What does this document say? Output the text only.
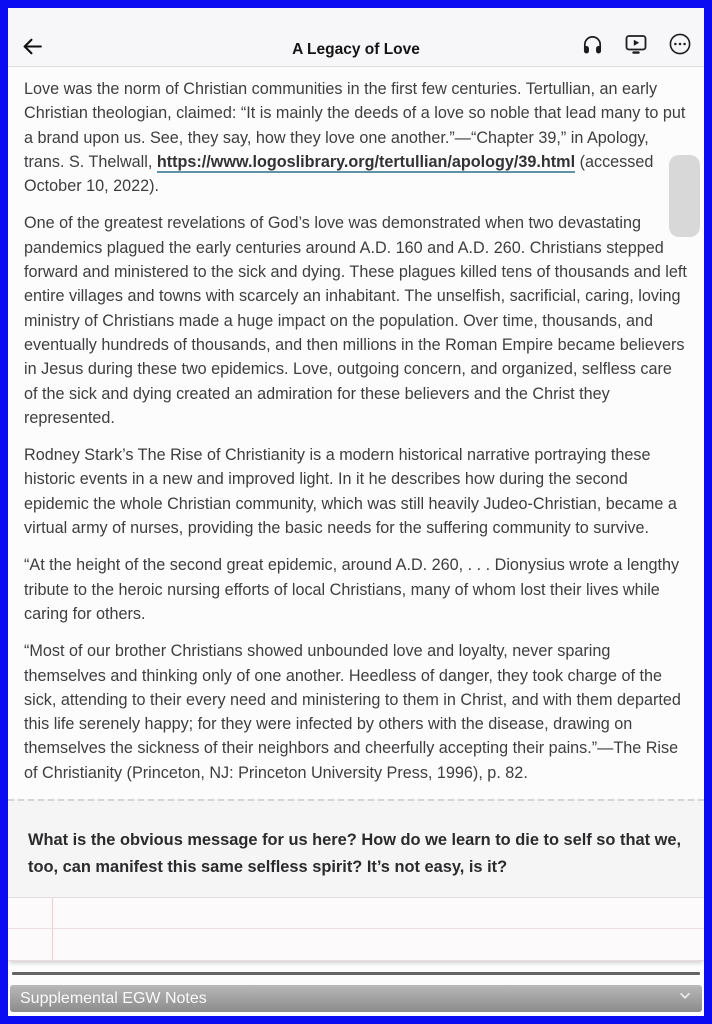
A Legacy of Love

Love was the norm of Christian communities in the first few centuries. Tertullian, an early Christian theologian, claimed: “It is mainly the deeds of a love so noble that lead many to put a brand upon us. See, they say, how they love one another.”—“Chapter 39,” in Apology, trans. S. Thelwall, https://www.logoslibrary.org/tertullian/apology/39.html (accessed October 10, 2022).

One of the greatest revelations of God’s love was demonstrated when two devastating pandemics plagued the early centuries around A.D. 160 and A.D. 260. Christians stepped forward and ministered to the sick and dying. These plagues killed tens of thousands and left entire villages and towns with scarcely an inhabitant. The unselfish, sacrificial, caring, loving ministry of Christians made a huge impact on the population. Over time, thousands, and eventually hundreds of thousands, and then millions in the Roman Empire became believers in Jesus during these two epidemics. Love, outgoing concern, and organized, selfless care of the sick and dying created an admiration for these believers and the Christ they represented.

Rodney Stark’s The Rise of Christianity is a modern historical narrative portraying these historic events in a new and improved light. In it he describes how during the second epidemic the whole Christian community, which was still heavily Judeo-Christian, became a virtual army of nurses, providing the basic needs for the suffering community to survive.

“At the height of the second great epidemic, around A.D. 260, . . . Dionysius wrote a lengthy tribute to the heroic nursing efforts of local Christians, many of whom lost their lives while caring for others.

“Most of our brother Christians showed unbounded love and loyalty, never sparing themselves and thinking only of one another. Heedless of danger, they took charge of the sick, attending to their every need and ministering to them in Christ, and with them departed this life serenely happy; for they were infected by others with the disease, drawing on themselves the sickness of their neighbors and cheerfully accepting their pains.”—The Rise of Christianity (Princeton, NJ: Princeton University Press, 1996), p. 82.

What is the obvious message for us here? How do we learn to die to self so that we, too, can manifest this same selfless spirit? It’s not easy, is it?

Supplemental EGW Notes
